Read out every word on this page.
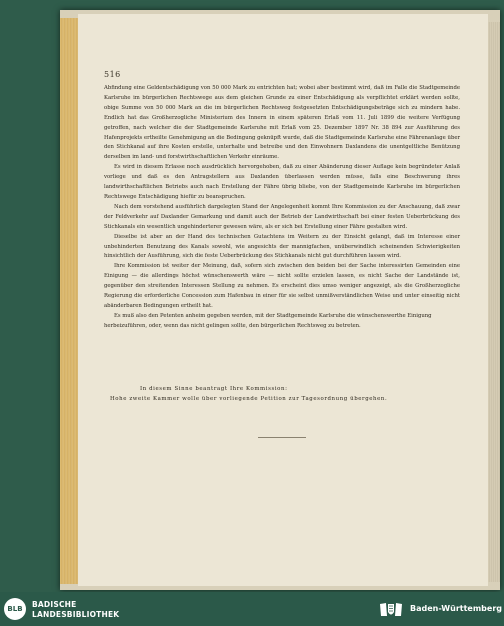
516

Abfindung eine Geldentschädigung von 50 000 Mark zu entrichten hat; wobei aber bestimmt wird, daß im Falle die Stadtgemeinde Karlsruhe im bürgerlichen Rechtswege aus dem gleichen Grunde zu einer Entschädigung als verpflichtet erklärt werden sollte, obige Summe von 50 000 Mark an die im bürgerlichen Rechtsweg festgesetzten Entschädigungsbeträge sich zu mindern habe. Endlich hat das Großherzogliche Ministerium des Innern in einem späteren Erlaß vom 11. Juli 1899 die weitere Verfügung getroffen, nach welcher die der Stadtgemeinde Karlsruhe mit Erlaß vom 25. Dezember 1897 Nr. 38 894 zur Ausführung des Hafenprojekts ertheilte Genehmigung an die Bedingung geknüpft wurde, daß die Stadtgemeinde Karlsruhe eine Fährenanlage über den Stichkanal auf ihre Kosten erstelle, unterhalte und betreibe und den Einwohnern Daxlandens die unentgeltliche Benützung derselben im land- und forstwirthschaftlichen Verkehr einräume.

Es wird in diesem Erlasse noch ausdrücklich hervorgehoben, daß zu einer Abänderung dieser Auflage kein begründeter Anlaß vorliege und daß es den Antragstellern aus Daxlanden überlassen werden müsse, falls eine Beschwerung ihres landwirthschaftlichen Betriebs auch nach Erstellung der Fähre übrig bliebe, von der Stadtgemeinde Karlsruhe im bürgerlichen Rechtswege Entschädigung hiefür zu beanspruchen.

Nach dem vorstehend ausführlich dargelegten Stand der Angelegenheit kommt Ihre Kommission zu der Anschauung, daß zwar der Feldverkehr auf Daxlander Gemarkung und damit auch der Betrieb der Landwirthschaft bei einer festen Ueberbrückung des Stichkanals ein wesentlich ungehinderterer gewesen wäre, als er sich bei Erstellung einer Fähre gestalten wird.

Dieselbe ist aber an der Hand des technischen Gutachtens im Weitern zu der Einsicht gelangt, daß im Interesse einer unbehinderten Benutzung des Kanals sowohl, wie angesichts der mannigfachen, unüberwindlich scheinenden Schwierigkeiten hinsichtlich der Ausführung, sich die feste Ueberbrückung des Stichkanals nicht gut durchführen lassen wird.

Ihre Kommission ist weiter der Meinung, daß, sofern sich zwischen den beiden bei der Sache interessirten Gemeinden eine Einigung — die allerdings höchst wünschenswerth wäre — nicht sollte erzielen lassen, es nicht Sache der Landstände ist, gegenüber den streitenden Interessen Stellung zu nehmen. Es erscheint dies umso weniger angezeigt, als die Großherzogliche Regierung die erforderliche Concession zum Hafenbau in einer für sie selbst unmißverständlichen Weise und unter einseitig nicht abänderbaren Bedingungen ertheilt hat.

Es muß also den Petenten anheim gegeben werden, mit der Stadtgemeinde Karlsruhe die wünschenswerthe Einigung herbeizuführen, oder, wenn das nicht gelingen sollte, den bürgerlichen Rechtsweg zu betreten.

In diesem Sinne beantragt Ihre Kommission:

Hohe zweite Kammer wolle über vorliegende Petition zur Tagesordnung übergehen.

BLB	BADISCHE
LANDESBIBLIOTHEK
Baden-Württemberg
